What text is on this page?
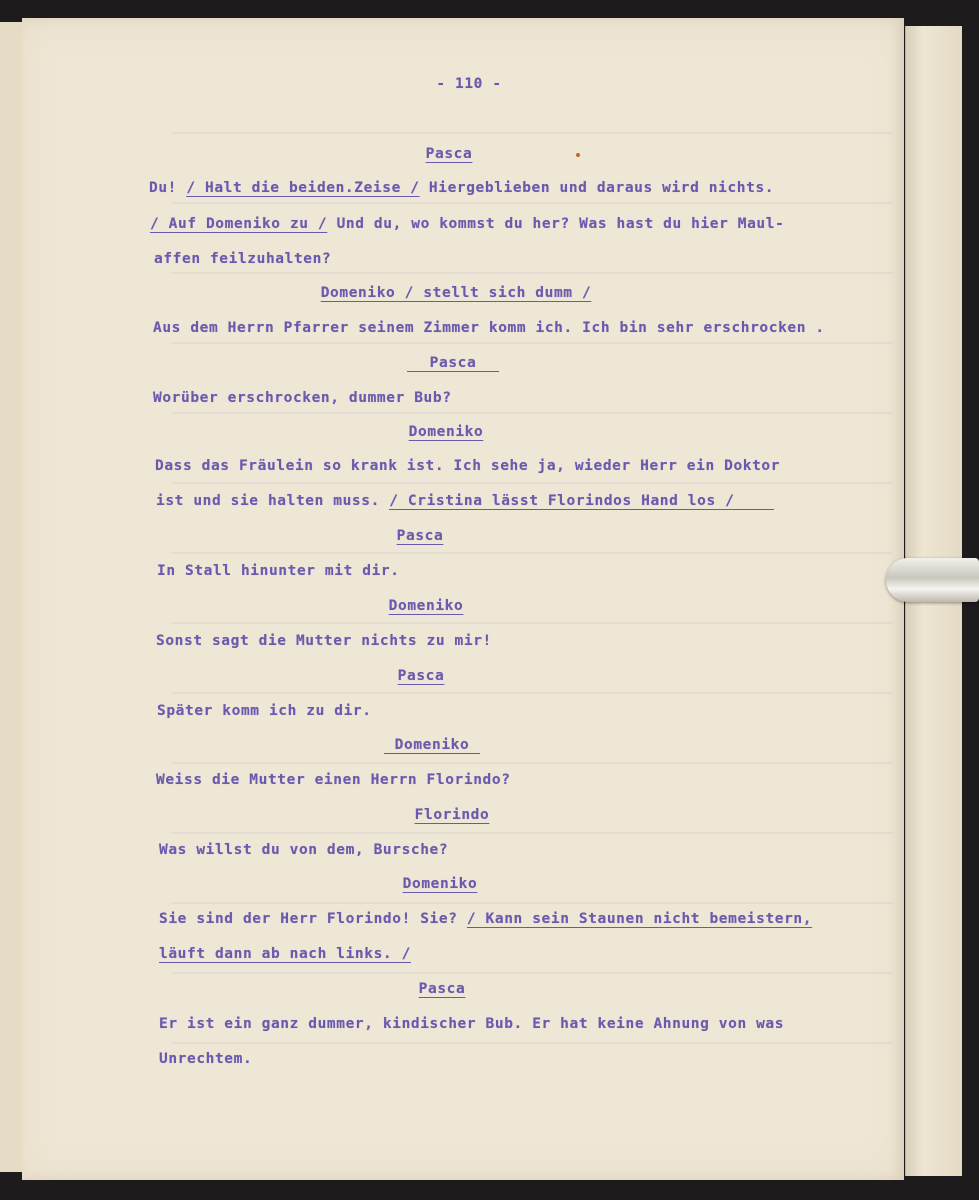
- 110 -
Pasca
Du! / Halt die beiden.Zeise / Hiergeblieben und daraus wird nichts.
/ Auf Domeniko zu / Und du, wo kommst du her? Was hast du hier Maul-
affen feilzuhalten?
Domeniko / stellt sich dumm /
Aus dem Herrn Pfarrer seinem Zimmer komm ich. Ich bin sehr erschrocken .
Pasca
Worüber erschrocken, dummer Bub?
Domeniko
Dass das Fräulein so krank ist. Ich sehe ja, wieder Herr ein Doktor
ist und sie halten muss. / Cristina lässt Florindos Hand los /
Pasca
In Stall hinunter mit dir.
Domeniko
Sonst sagt die Mutter nichts zu mir!
Pasca
Später komm ich zu dir.
Domeniko
Weiss die Mutter einen Herrn Florindo?
Florindo
Was willst du von dem, Bursche?
Domeniko
Sie sind der Herr Florindo! Sie? / Kann sein Staunen nicht bemeistern,
läuft dann ab nach links. /
Pasca
Er ist ein ganz dummer, kindischer Bub. Er hat keine Ahnung von was
Unrechtem.
